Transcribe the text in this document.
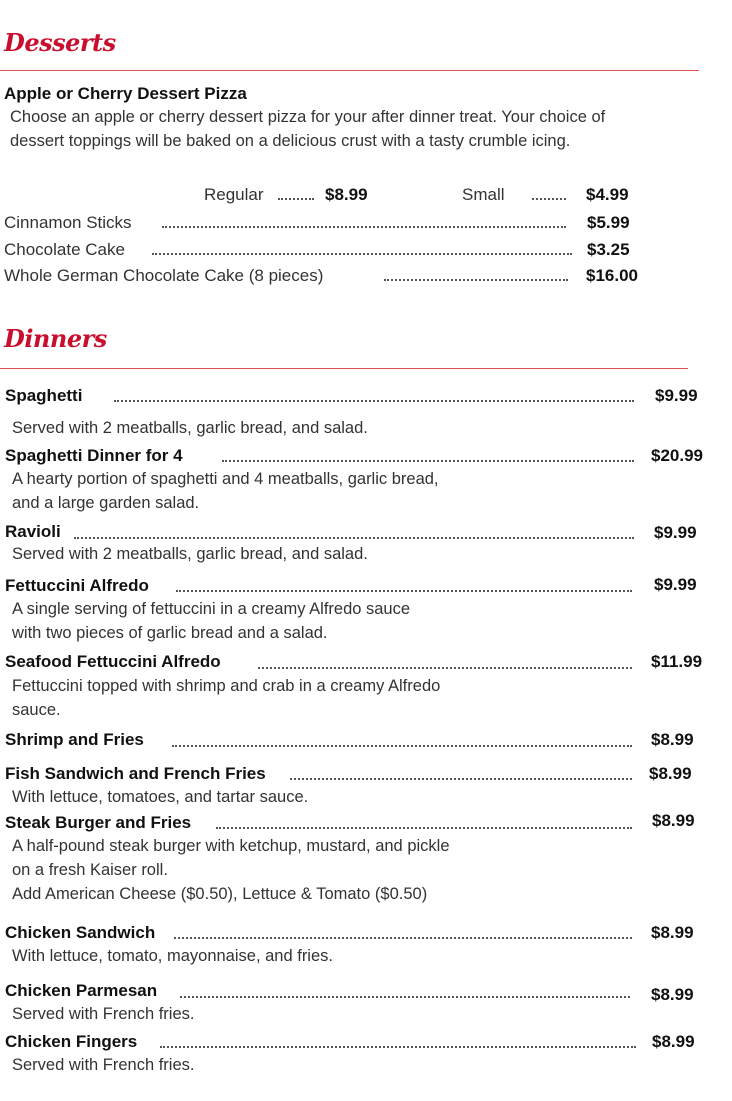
Desserts
Apple or Cherry Dessert Pizza
Choose an apple or cherry dessert pizza for your after dinner treat. Your choice of dessert toppings will be baked on a delicious crust with a tasty crumble icing.
Regular	$8.99	Small	$4.99
Cinnamon Sticks	$5.99
Chocolate Cake	$3.25
Whole German Chocolate Cake (8 pieces)	$16.00
Dinners
Spaghetti	$9.99
Served with 2 meatballs, garlic bread, and salad.
Spaghetti Dinner for 4	$20.99
A hearty portion of spaghetti and 4 meatballs, garlic bread, and a large garden salad.
Ravioli	$9.99
Served with 2 meatballs, garlic bread, and salad.
Fettuccini Alfredo	$9.99
A single serving of fettuccini in a creamy Alfredo sauce with two pieces of garlic bread and a salad.
Seafood Fettuccini Alfredo	$11.99
Fettuccini topped with shrimp and crab in a creamy Alfredo sauce.
Shrimp and Fries	$8.99
Fish Sandwich and French Fries	$8.99
With lettuce, tomatoes, and tartar sauce.
Steak Burger and Fries	$8.99
A half-pound steak burger with ketchup, mustard, and pickle on a fresh Kaiser roll.
Add American Cheese ($0.50), Lettuce & Tomato ($0.50)
Chicken Sandwich	$8.99
With lettuce, tomato, mayonnaise, and fries.
Chicken Parmesan	$8.99
Served with French fries.
Chicken Fingers	$8.99
Served with French fries.
